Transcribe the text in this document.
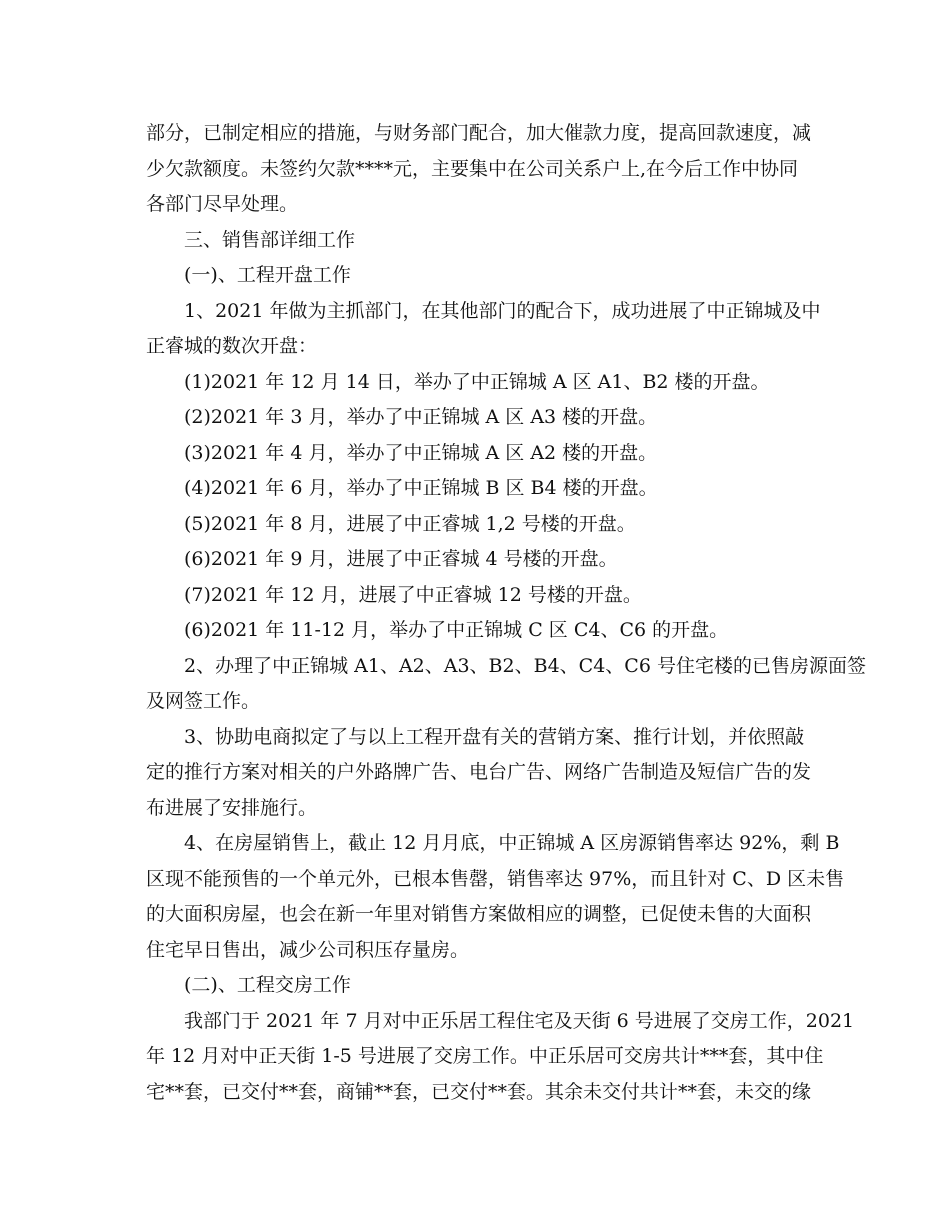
部分，已制定相应的措施，与财务部门配合，加大催款力度，提高回款速度，减
少欠款额度。未签约欠款****元，主要集中在公司关系户上,在今后工作中协同
各部门尽早处理。
三、销售部详细工作
(一)、工程开盘工作
1、2021 年做为主抓部门，在其他部门的配合下，成功进展了中正锦城及中
正睿城的数次开盘：
(1)2021 年 12 月 14 日，举办了中正锦城 A 区 A1、B2 楼的开盘。
(2)2021 年 3 月，举办了中正锦城 A 区 A3 楼的开盘。
(3)2021 年 4 月，举办了中正锦城 A 区 A2 楼的开盘。
(4)2021 年 6 月，举办了中正锦城 B 区 B4 楼的开盘。
(5)2021 年 8 月，进展了中正睿城 1,2 号楼的开盘。
(6)2021 年 9 月，进展了中正睿城 4 号楼的开盘。
(7)2021 年 12 月，进展了中正睿城 12 号楼的开盘。
(6)2021 年 11-12 月，举办了中正锦城 C 区 C4、C6 的开盘。
2、办理了中正锦城 A1、A2、A3、B2、B4、C4、C6 号住宅楼的已售房源面签
及网签工作。
3、协助电商拟定了与以上工程开盘有关的营销方案、推行计划，并依照敲
定的推行方案对相关的户外路牌广告、电台广告、网络广告制造及短信广告的发
布进展了安排施行。
4、在房屋销售上，截止 12 月月底，中正锦城 A 区房源销售率达 92%，剩 B
区现不能预售的一个单元外，已根本售罄，销售率达 97%，而且针对 C、D 区未售
的大面积房屋，也会在新一年里对销售方案做相应的调整，已促使未售的大面积
住宅早日售出，减少公司积压存量房。
(二)、工程交房工作
我部门于 2021 年 7 月对中正乐居工程住宅及天街 6 号进展了交房工作，2021
年 12 月对中正天街 1-5 号进展了交房工作。中正乐居可交房共计***套，其中住
宅**套，已交付**套，商铺**套，已交付**套。其余未交付共计**套，未交的缘
